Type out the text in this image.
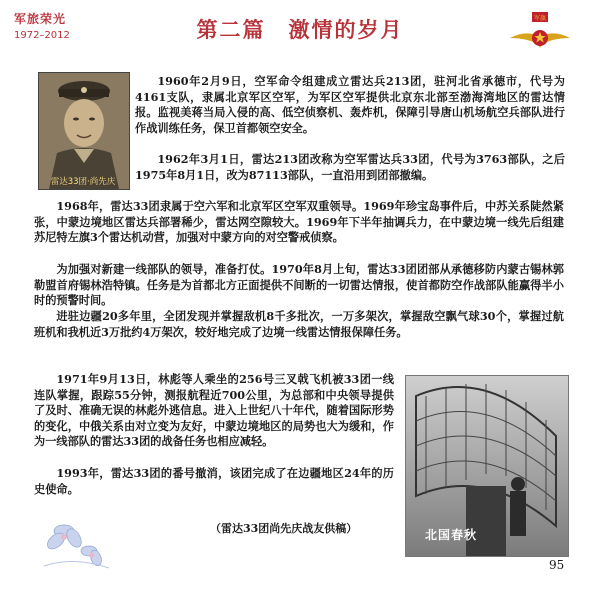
军旅荣光
1972–2012	第二篇　激情的岁月	军旗
雷达33团·尚先庆

1960年2月9日，空军命令组建成立雷达兵213团，驻河北省承德市，代号为4161支队，隶属北京军区空军，为军区空军提供北京东北部至渤海湾地区的雷达情报。监视美蒋当局入侵的高、低空侦察机、轰炸机，保障引导唐山机场航空兵部队进行作战训练任务，保卫首都领空安全。

1962年3月1日，雷达213团改称为空军雷达兵33团，代号为3763部队，之后1975年8月1日，改为87113部队，一直沿用到团部撤编。

1968年，雷达33团隶属于空六军和北京军区空军双重领导。1969年珍宝岛事件后，中苏关系陡然紧张，中蒙边境地区雷达兵部署稀少，雷达网空隙较大。1969年下半年抽调兵力，在中蒙边境一线先后组建苏尼特左旗3个雷达机动营，加强对中蒙方向的对空警戒侦察。

为加强对新建一线部队的领导，准备打仗。1970年8月上旬，雷达33团团部从承德移防内蒙古锡林郭勒盟首府锡林浩特镇。任务是为首都北方正面提供不间断的一切雷达情报，使首都防空作战部队能赢得半小时的预警时间。

进驻边疆20多年里，全团发现并掌握敌机8千多批次，一万多架次，掌握敌空飘气球30个，掌握过航班机和我机近3万批约4万架次，较好地完成了边境一线雷达情报保障任务。

1971年9月13日，林彪等人乘坐的256号三叉戟飞机被33团一线连队掌握，跟踪55分钟，测报航程近700公里，为总部和中央领导提供了及时、准确无误的林彪外逃信息。进入上世纪八十年代，随着国际形势的变化，中俄关系由对立变为友好，中蒙边境地区的局势也大为缓和，作为一线部队的雷达33团的战备任务也相应减轻。

1993年，雷达33团的番号撤消，该团完成了在边疆地区24年的历史使命。

北国春秋
（雷达33团尚先庆战友供稿）
95
